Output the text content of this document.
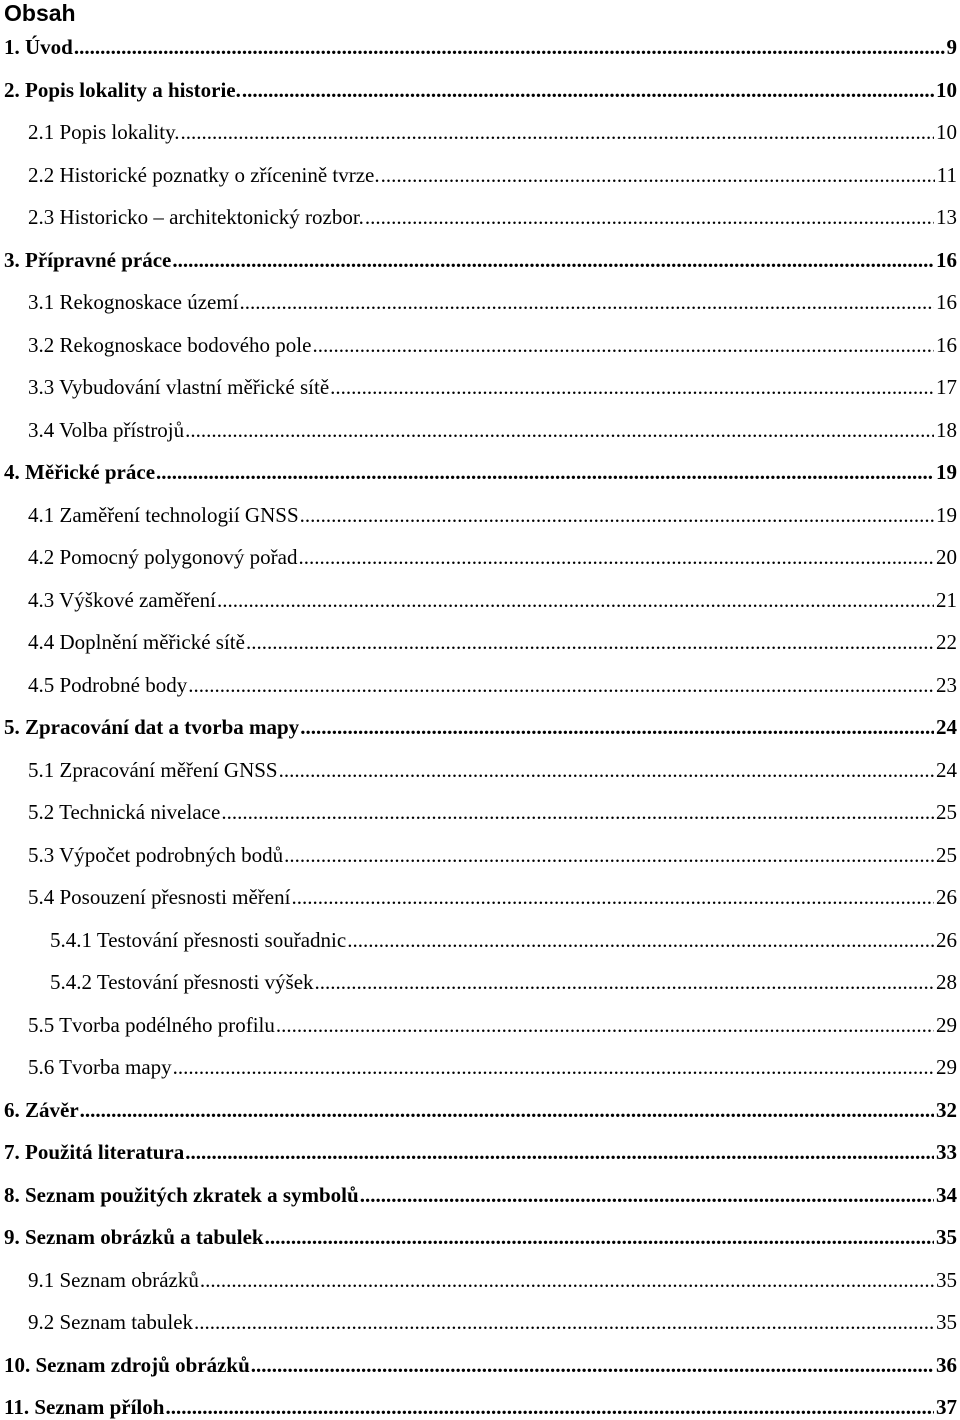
Obsah
1. Úvod .....	9
2. Popis lokality a historie. .....	10
2.1 Popis lokality. .....	10
2.2 Historické poznatky o zřícenině tvrze. .....	11
2.3 Historicko – architektonický rozbor. .....	13
3. Přípravné práce .....	16
3.1 Rekognoskace území .....	16
3.2 Rekognoskace bodového pole .....	16
3.3 Vybudování vlastní měřické sítě .....	17
3.4 Volba přístrojů .....	18
4. Měřické práce .....	19
4.1 Zaměření technologií GNSS .....	19
4.2 Pomocný polygonový pořad .....	20
4.3 Výškové zaměření .....	21
4.4 Doplnění měřické sítě .....	22
4.5 Podrobné body .....	23
5. Zpracování dat a tvorba mapy .....	24
5.1 Zpracování měření GNSS .....	24
5.2 Technická nivelace .....	25
5.3 Výpočet podrobných bodů .....	25
5.4 Posouzení přesnosti měření .....	26
5.4.1 Testování přesnosti souřadnic .....	26
5.4.2 Testování přesnosti výšek .....	28
5.5 Tvorba podélného profilu .....	29
5.6 Tvorba mapy .....	29
6. Závěr .....	32
7. Použitá literatura .....	33
8. Seznam použitých zkratek a symbolů .....	34
9. Seznam obrázků a tabulek .....	35
9.1 Seznam obrázků .....	35
9.2 Seznam tabulek .....	35
10. Seznam zdrojů obrázků .....	36
11. Seznam příloh .....	37
